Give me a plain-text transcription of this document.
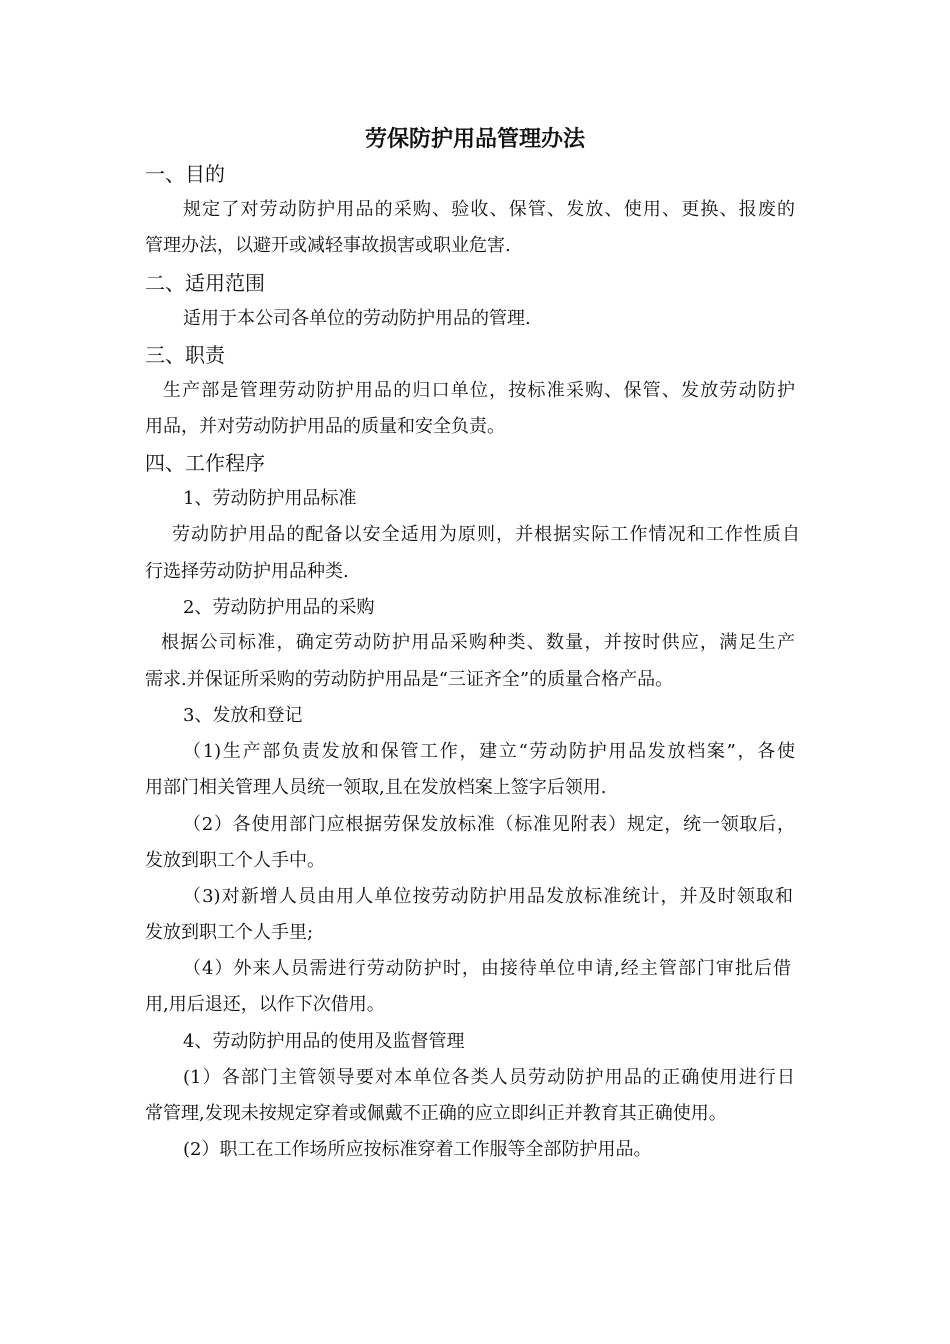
劳保防护用品管理办法
一、目的
规定了对劳动防护用品的采购、验收、保管、发放、使用、更换、报废的
管理办法，以避开或减轻事故损害或职业危害.
二、适用范围
适用于本公司各单位的劳动防护用品的管理.
三、职责
生产部是管理劳动防护用品的归口单位，按标准采购、保管、发放劳动防护
用品，并对劳动防护用品的质量和安全负责。
四、工作程序
1、劳动防护用品标准
劳动防护用品的配备以安全适用为原则，并根据实际工作情况和工作性质自
行选择劳动防护用品种类.
2、劳动防护用品的采购
根据公司标准，确定劳动防护用品采购种类、数量，并按时供应，满足生产
需求.并保证所采购的劳动防护用品是“三证齐全”的质量合格产品。
3、发放和登记
（1)生产部负责发放和保管工作，建立“劳动防护用品发放档案”，各使
用部门相关管理人员统一领取,且在发放档案上签字后领用.
（2）各使用部门应根据劳保发放标准（标准见附表）规定，统一领取后，
发放到职工个人手中。
（3)对新增人员由用人单位按劳动防护用品发放标准统计，并及时领取和
发放到职工个人手里;
（4）外来人员需进行劳动防护时，由接待单位申请,经主管部门审批后借
用,用后退还，以作下次借用。
4、劳动防护用品的使用及监督管理
(1）各部门主管领导要对本单位各类人员劳动防护用品的正确使用进行日
常管理,发现未按规定穿着或佩戴不正确的应立即纠正并教育其正确使用。
(2）职工在工作场所应按标准穿着工作服等全部防护用品。
